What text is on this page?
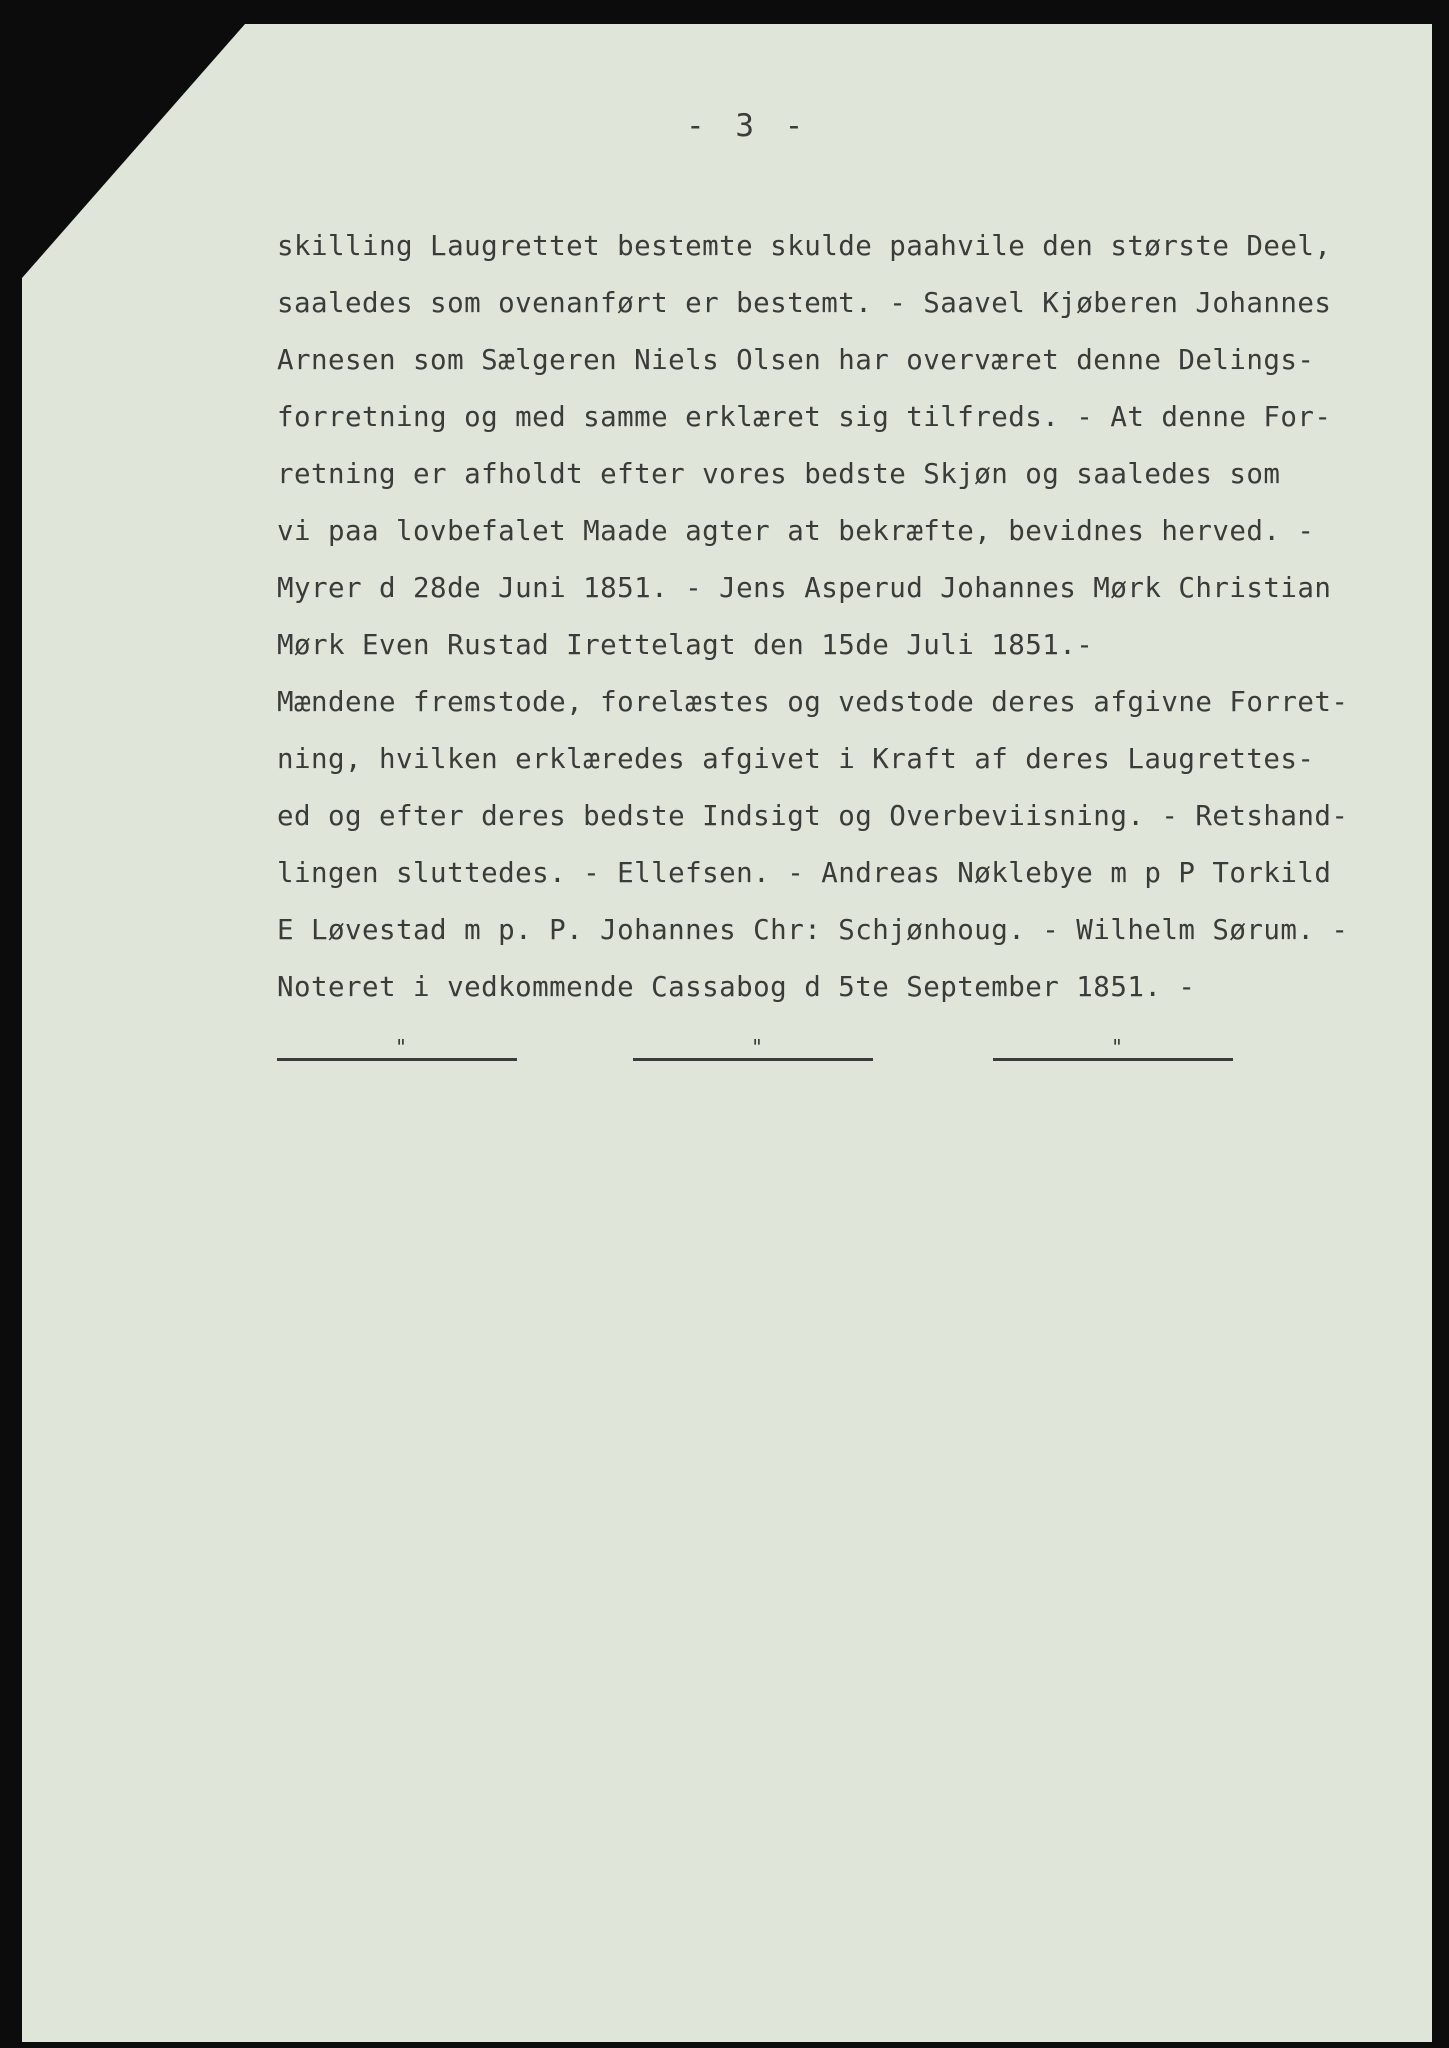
- 3 -

skilling Laugrettet bestemte skulde paahvile den største Deel,
saaledes som ovenanført er bestemt. - Saavel Kjøberen Johannes
Arnesen som Sælgeren Niels Olsen har overværet denne Delings-
forretning og med samme erklæret sig tilfreds. - At denne For-
retning er afholdt efter vores bedste Skjøn og saaledes som
vi paa lovbefalet Maade agter at bekræfte, bevidnes herved. -
Myrer d 28de Juni 1851. - Jens Asperud Johannes Mørk Christian
Mørk Even Rustad Irettelagt den 15de Juli 1851.-
Mændene fremstode, forelæstes og vedstode deres afgivne Forret-
ning, hvilken erklæredes afgivet i Kraft af deres Laugrettes-
ed og efter deres bedste Indsigt og Overbeviisning. - Retshand-
lingen sluttedes. - Ellefsen. - Andreas Nøklebye m p P Torkild
E Løvestad m p. P. Johannes Chr: Schjønhoug. - Wilhelm Sørum. -
Noteret i vedkommende Cassabog d 5te September 1851. -
"	"	"
